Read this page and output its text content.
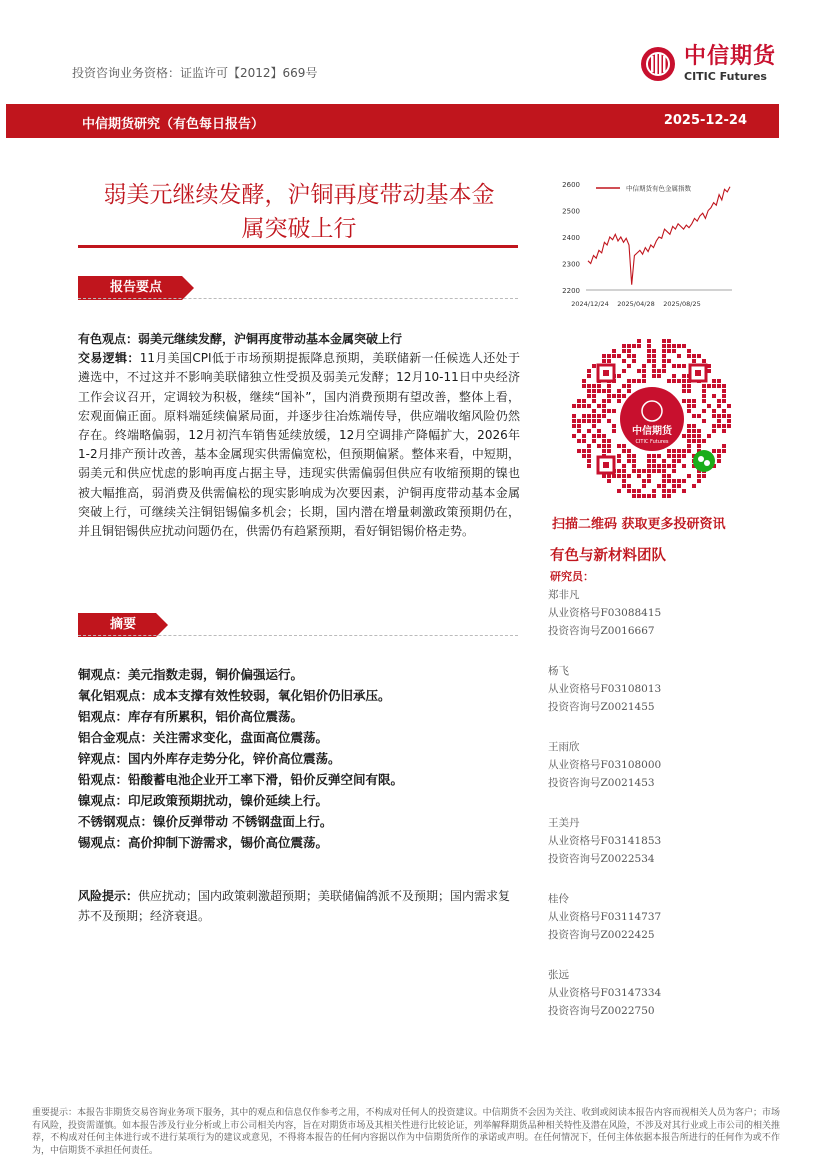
投资咨询业务资格：证监许可【2012】669号
中信期货
CITIC Futures
中信期货研究（有色每日报告）	2025-12-24
弱美元继续发酵，沪铜再度带动基本金
属突破上行
报告要点
有色观点：弱美元继续发酵，沪铜再度带动基本金属突破上行
交易逻辑：11月美国CPI低于市场预期提振降息预期，美联储新一任候选人还处于遴选中，不过这并不影响美联储独立性受损及弱美元发酵；12月10-11日中央经济工作会议召开，定调较为积极，继续“国补”，国内消费预期有望改善，整体上看，宏观面偏正面。原料端延续偏紧局面，并逐步往冶炼端传导，供应端收缩风险仍然存在。终端略偏弱，12月初汽车销售延续放缓，12月空调排产降幅扩大，2026年1-2月排产预计改善，基本金属现实供需偏宽松，但预期偏紧。整体来看，中短期，弱美元和供应忧虑的影响再度占据主导，违现实供需偏弱但供应有收缩预期的镍也被大幅推高，弱消费及供需偏松的现实影响成为次要因素，沪铜再度带动基本金属突破上行，可继续关注铜铝锡偏多机会；长期，国内潜在增量刺激政策预期仍在，并且铜铝锡供应扰动问题仍在，供需仍有趋紧预期，看好铜铝锡价格走势。
摘要
铜观点：美元指数走弱，铜价偏强运行。
氧化铝观点：成本支撑有效性较弱，氧化铝价仍旧承压。
铝观点：库存有所累积，铝价高位震荡。
铝合金观点：关注需求变化，盘面高位震荡。
锌观点：国内外库存走势分化，锌价高位震荡。
铅观点：铅酸蓄电池企业开工率下滑，铅价反弹空间有限。
镍观点：印尼政策预期扰动，镍价延续上行。
不锈钢观点：镍价反弹带动 不锈钢盘面上行。
锡观点：高价抑制下游需求，锡价高位震荡。
风险提示：供应扰动；国内政策刺激超预期；美联储偏鸽派不及预期；国内需求复苏不及预期；经济衰退。
2200
2300
2400
2500
2600
2024/12/24 2025/04/28 2025/08/25
中信期货有色金属指数
中信期货
CITIC Futures
扫描二维码 获取更多投研资讯
有色与新材料团队
研究员：
郑非凡
从业资格号F03088415
投资咨询号Z0016667
杨飞
从业资格号F03108013
投资咨询号Z0021455
王雨欣
从业资格号F03108000
投资咨询号Z0021453
王美丹
从业资格号F03141853
投资咨询号Z0022534
桂伶
从业资格号F03114737
投资咨询号Z0022425
张远
从业资格号F03147334
投资咨询号Z0022750
重要提示：本报告非期货交易咨询业务项下服务，其中的观点和信息仅作参考之用，不构成对任何人的投资建议。中信期货不会因为关注、收到或阅读本报告内容而视相关人员为客户；市场有风险，投资需谨慎。如本报告涉及行业分析或上市公司相关内容，旨在对期货市场及其相关性进行比较论证，列举解释期货品种相关特性及潜在风险，不涉及对其行业或上市公司的相关推荐，不构成对任何主体进行或不进行某项行为的建议或意见，不得将本报告的任何内容据以作为中信期货所作的承诺或声明。在任何情况下，任何主体依据本报告所进行的任何作为或不作为，中信期货不承担任何责任。
